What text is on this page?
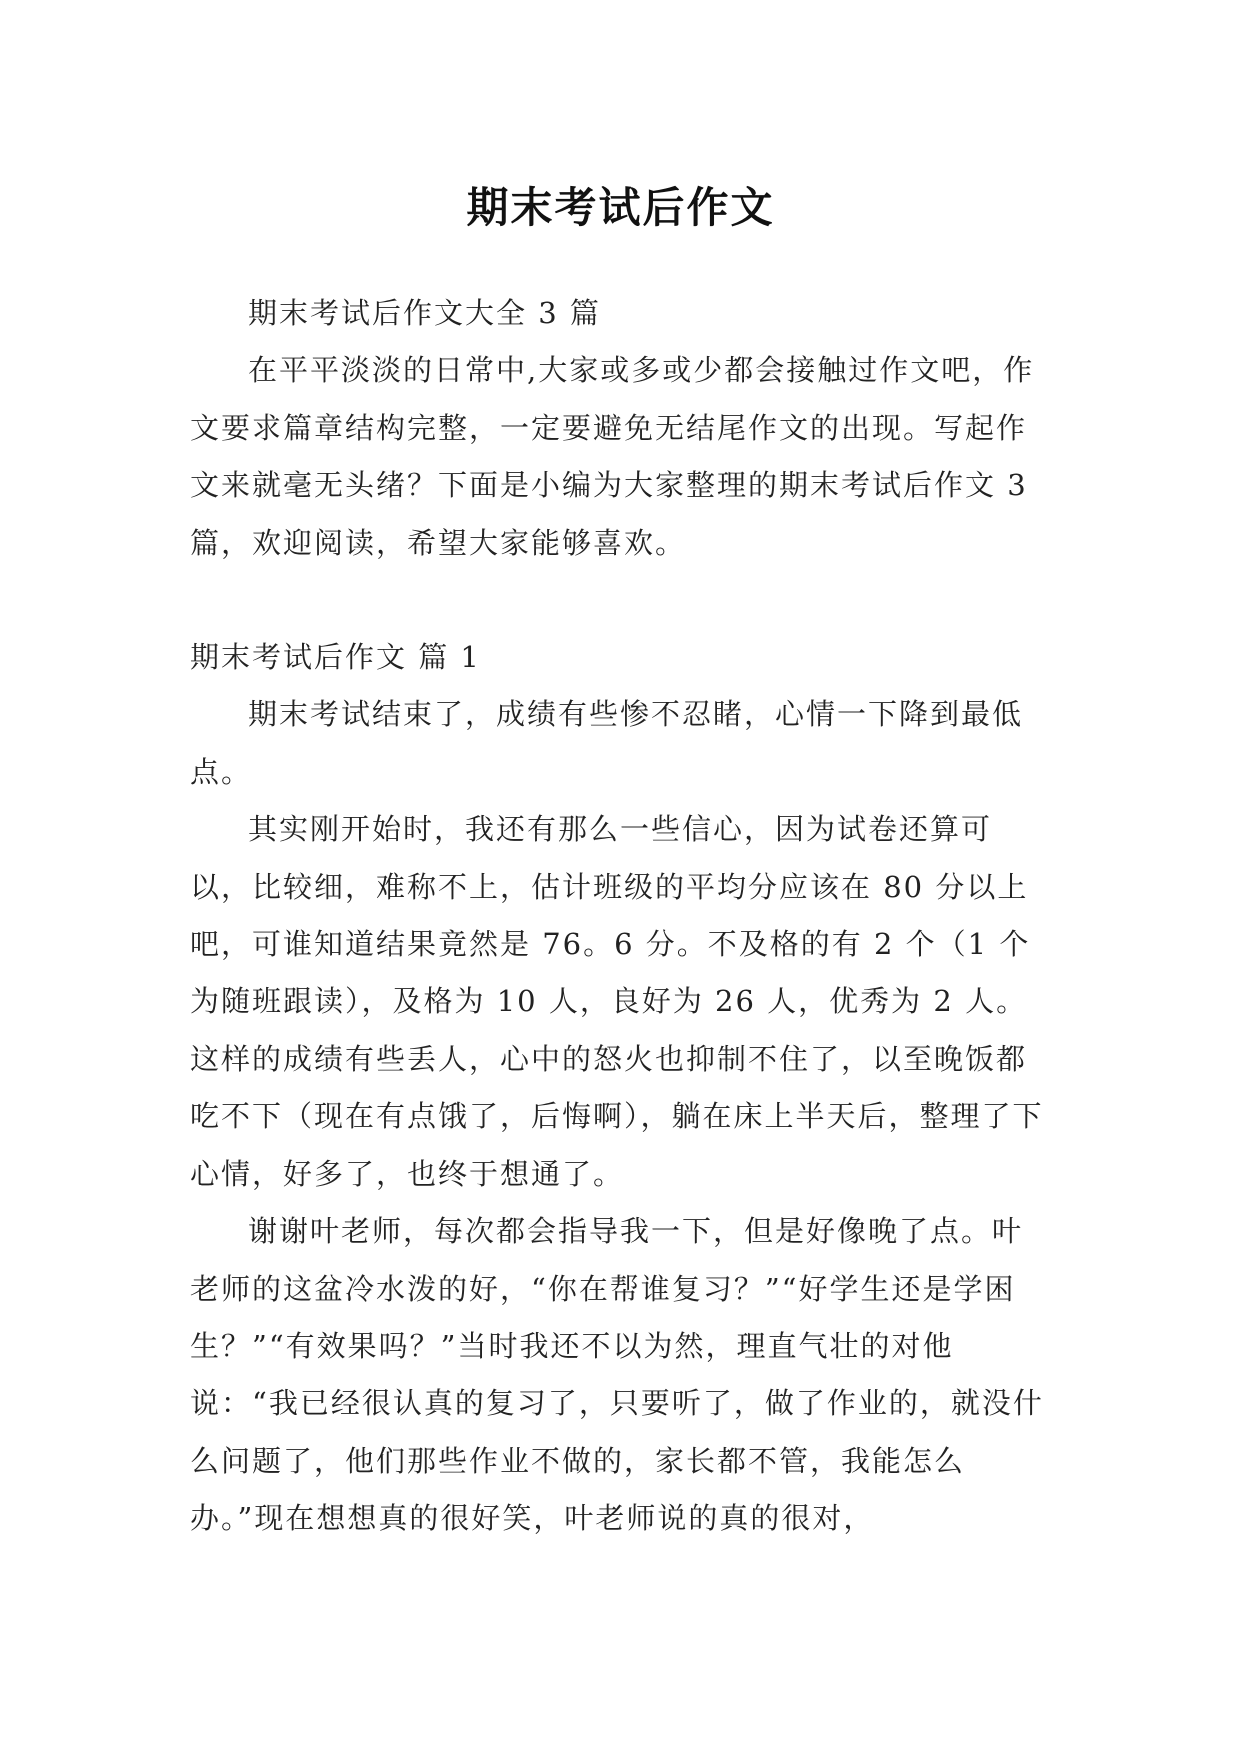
期末考试后作文

期末考试后作文大全 3 篇

在平平淡淡的日常中,大家或多或少都会接触过作文吧，作文要求篇章结构完整，一定要避免无结尾作文的出现。写起作文来就毫无头绪？下面是小编为大家整理的期末考试后作文 3 篇，欢迎阅读，希望大家能够喜欢。

期末考试后作文 篇 1

期末考试结束了，成绩有些惨不忍睹，心情一下降到最低点。

其实刚开始时，我还有那么一些信心，因为试卷还算可以，比较细，难称不上，估计班级的平均分应该在 80 分以上吧，可谁知道结果竟然是 76。6 分。不及格的有 2 个（1 个为随班跟读），及格为 10 人，良好为 26 人，优秀为 2 人。这样的成绩有些丢人，心中的怒火也抑制不住了，以至晚饭都吃不下（现在有点饿了，后悔啊），躺在床上半天后，整理了下心情，好多了，也终于想通了。

谢谢叶老师，每次都会指导我一下，但是好像晚了点。叶老师的这盆冷水泼的好，“你在帮谁复习？”“好学生还是学困生？”“有效果吗？”当时我还不以为然，理直气壮的对他说：“我已经很认真的复习了，只要听了，做了作业的，就没什么问题了，他们那些作业不做的，家长都不管，我能怎么办。”现在想想真的很好笑，叶老师说的真的很对，
